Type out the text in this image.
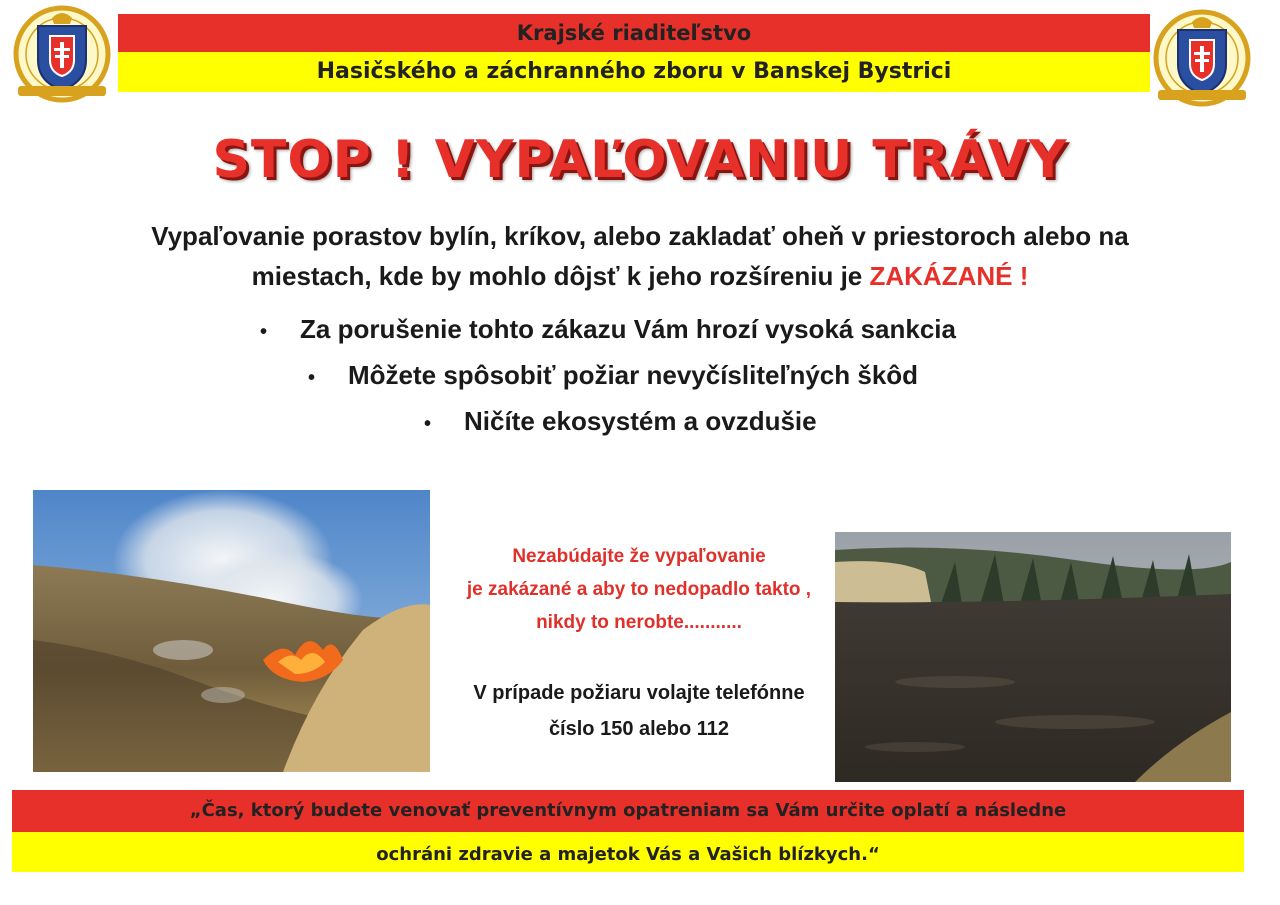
Krajské riaditeľstvo
Hasičského a záchranného zboru v Banskej Bystrici
STOP ! VYPAĽOVANIU TRÁVY
Vypaľovanie porastov bylín, kríkov, alebo zakladať oheň v priestoroch alebo na miestach, kde by mohlo dôjsť k jeho rozšíreniu je ZAKÁZANÉ !
• Za porušenie tohto zákazu Vám hrozí vysoká sankcia
• Môžete spôsobiť požiar nevyčísliteľných škôd
• Ničíte ekosystém a ovzdušie
Nezabúdajte že vypaľovanie
je zakázané a aby to nedopadlo takto ,
nikdy to nerobte...........
V prípade požiaru volajte telefónne
číslo 150 alebo 112
„Čas, ktorý budete venovať preventívnym opatreniam sa Vám určite oplatí a následne
ochráni zdravie a majetok Vás a Vašich blízkych.“
